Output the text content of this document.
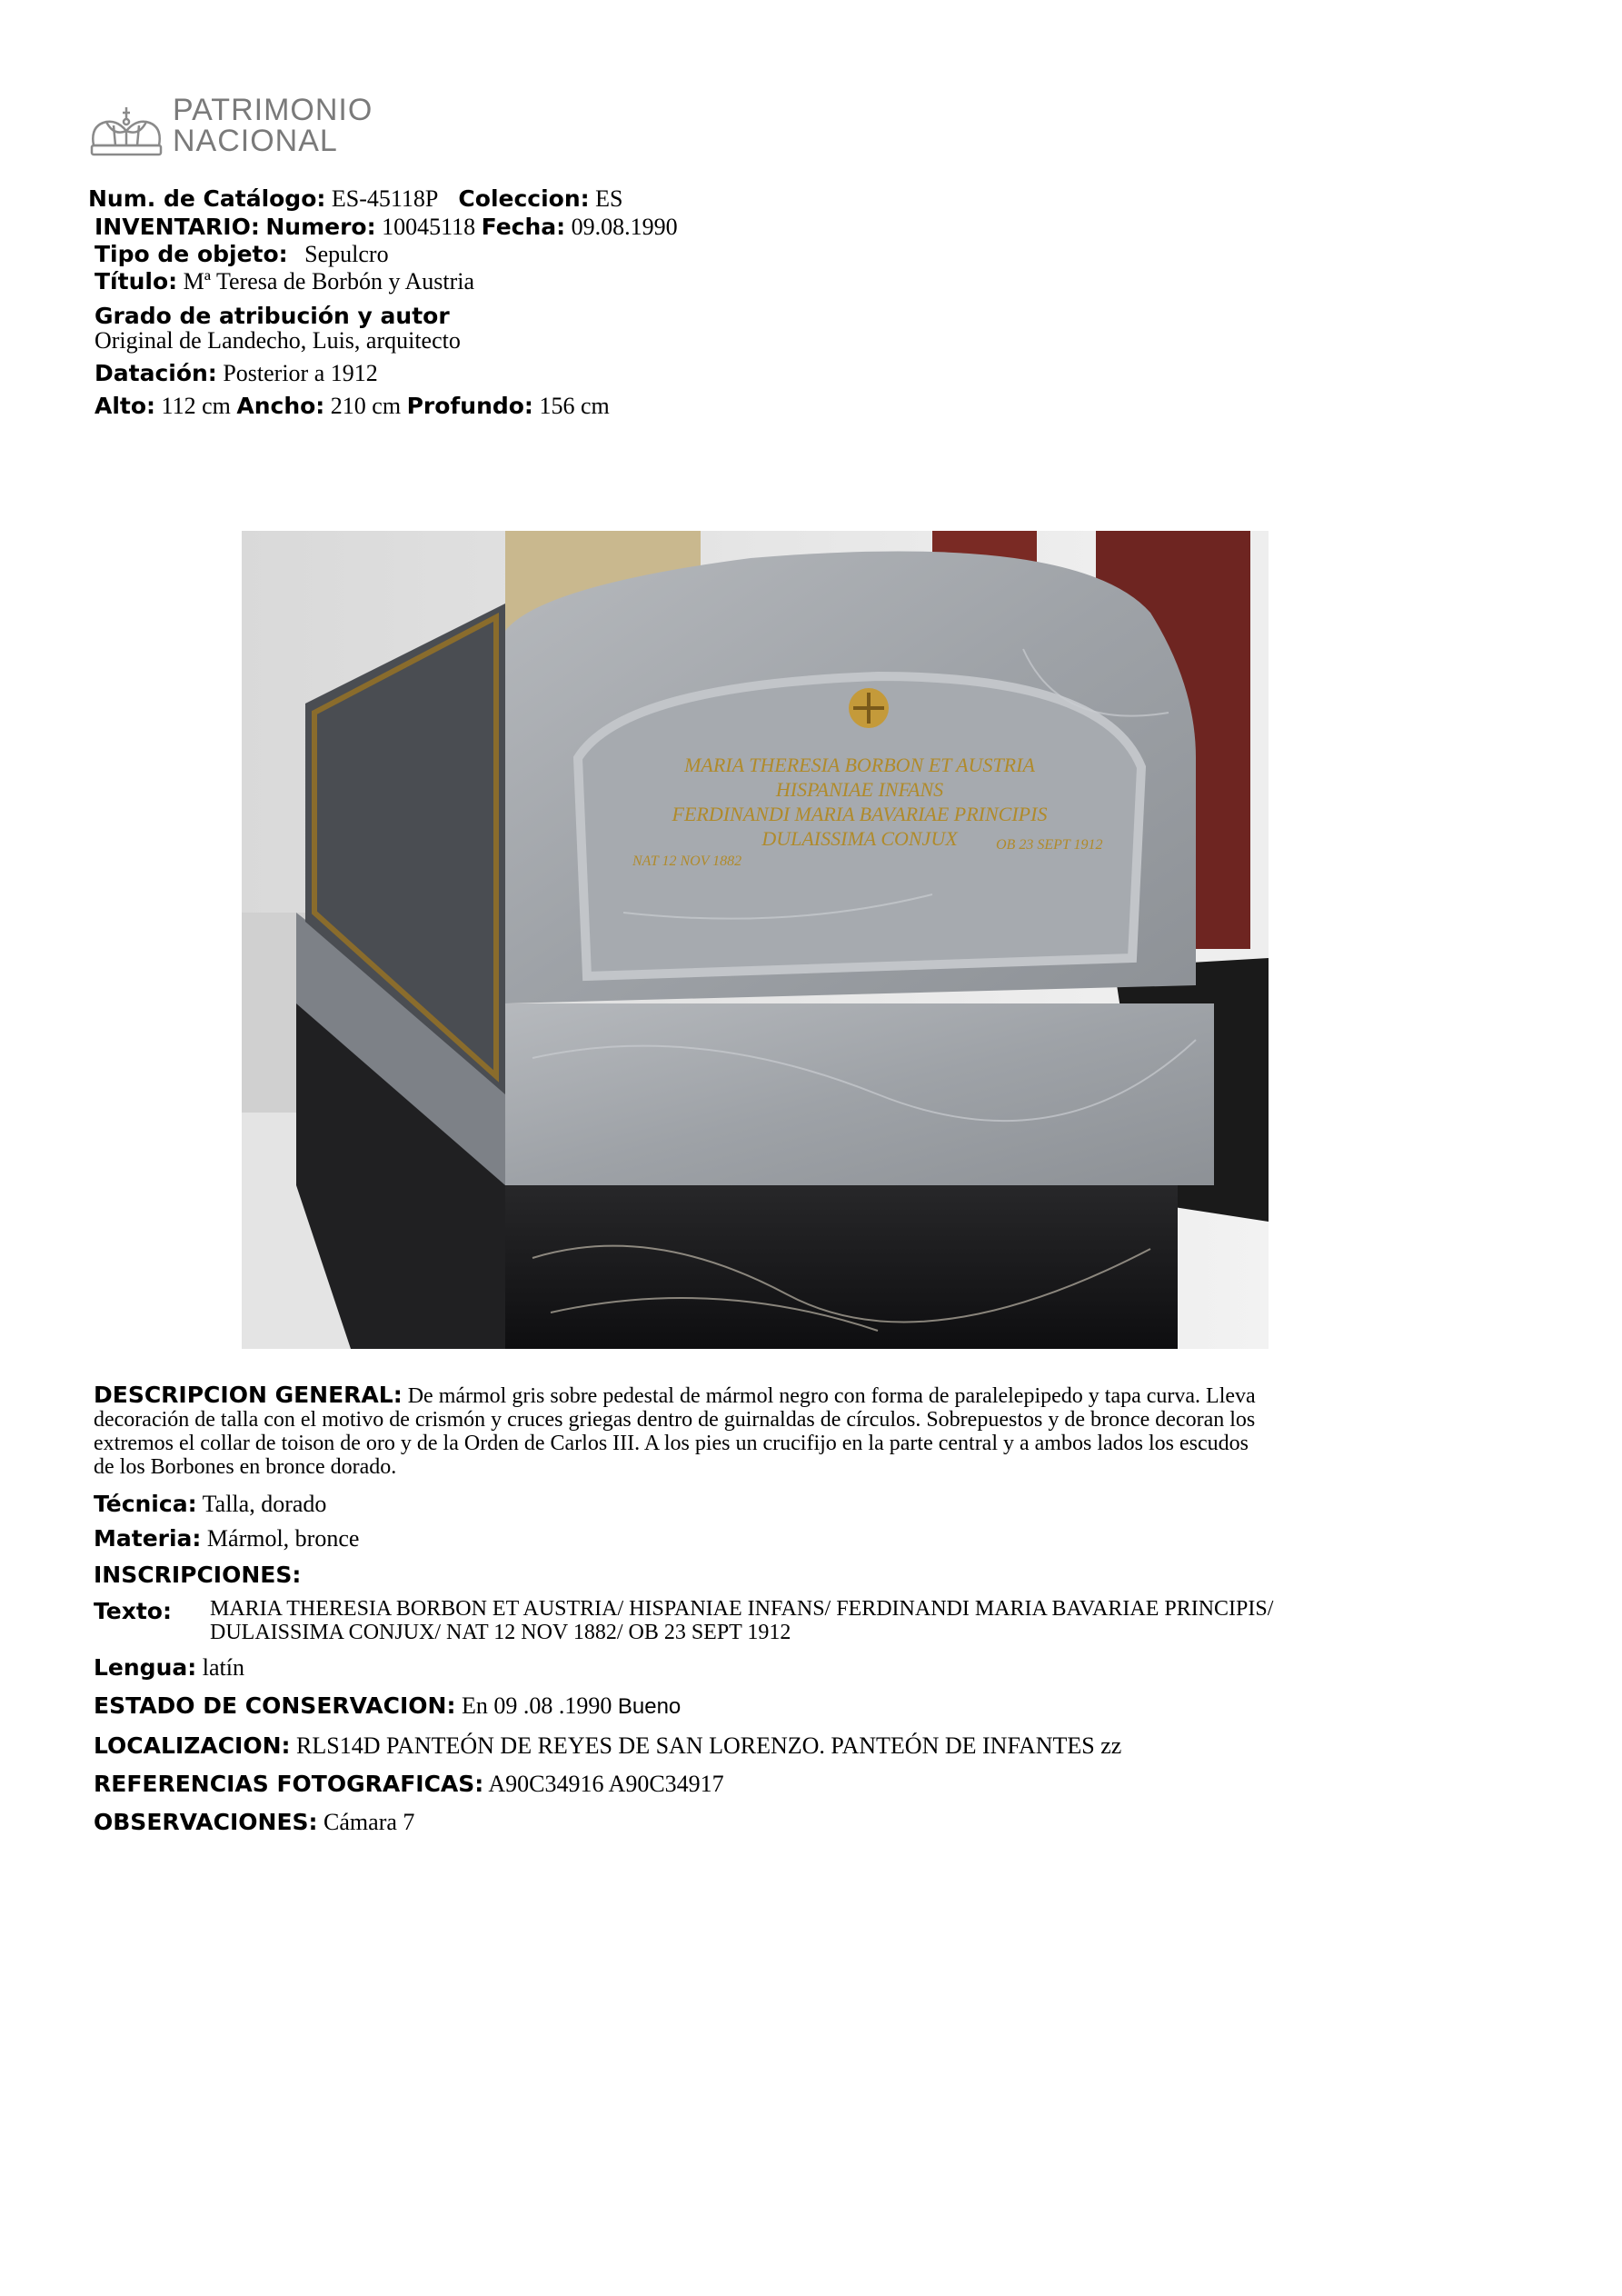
PATRIMONIO
NACIONAL
Num. de Catálogo: ES-45118P Coleccion: ES
INVENTARIO: Numero: 10045118 Fecha: 09.08.1990
Tipo de objeto: Sepulcro
Título: Mª Teresa de Borbón y Austria
Grado de atribución y autor
Original de Landecho, Luis, arquitecto
Datación: Posterior a 1912
Alto: 112 cm Ancho: 210 cm Profundo: 156 cm
MARIA THERESIA BORBON ET AUSTRIA
HISPANIAE INFANS
FERDINANDI MARIA BAVARIAE PRINCIPIS
DULAISSIMA CONJUX
NAT 12 NOV 1882
OB 23 SEPT 1912
DESCRIPCION GENERAL: De mármol gris sobre pedestal de mármol negro con forma de paralelepipedo y tapa curva. Lleva
decoración de talla con el motivo de crismón y cruces griegas dentro de guirnaldas de círculos. Sobrepuestos y de bronce decoran los
extremos el collar de toison de oro y de la Orden de Carlos III. A los pies un crucifijo en la parte central y a ambos lados los escudos
de los Borbones en bronce dorado.
Técnica: Talla, dorado
Materia: Mármol, bronce
INSCRIPCIONES:
Texto: MARIA THERESIA BORBON ET AUSTRIA/ HISPANIAE INFANS/ FERDINANDI MARIA BAVARIAE PRINCIPIS/
DULAISSIMA CONJUX/ NAT 12 NOV 1882/ OB 23 SEPT 1912
Lengua: latín
ESTADO DE CONSERVACION: En 09 .08 .1990 Bueno
LOCALIZACION: RLS14D PANTEÓN DE REYES DE SAN LORENZO. PANTEÓN DE INFANTES zz
REFERENCIAS FOTOGRAFICAS: A90C34916 A90C34917
OBSERVACIONES: Cámara 7
